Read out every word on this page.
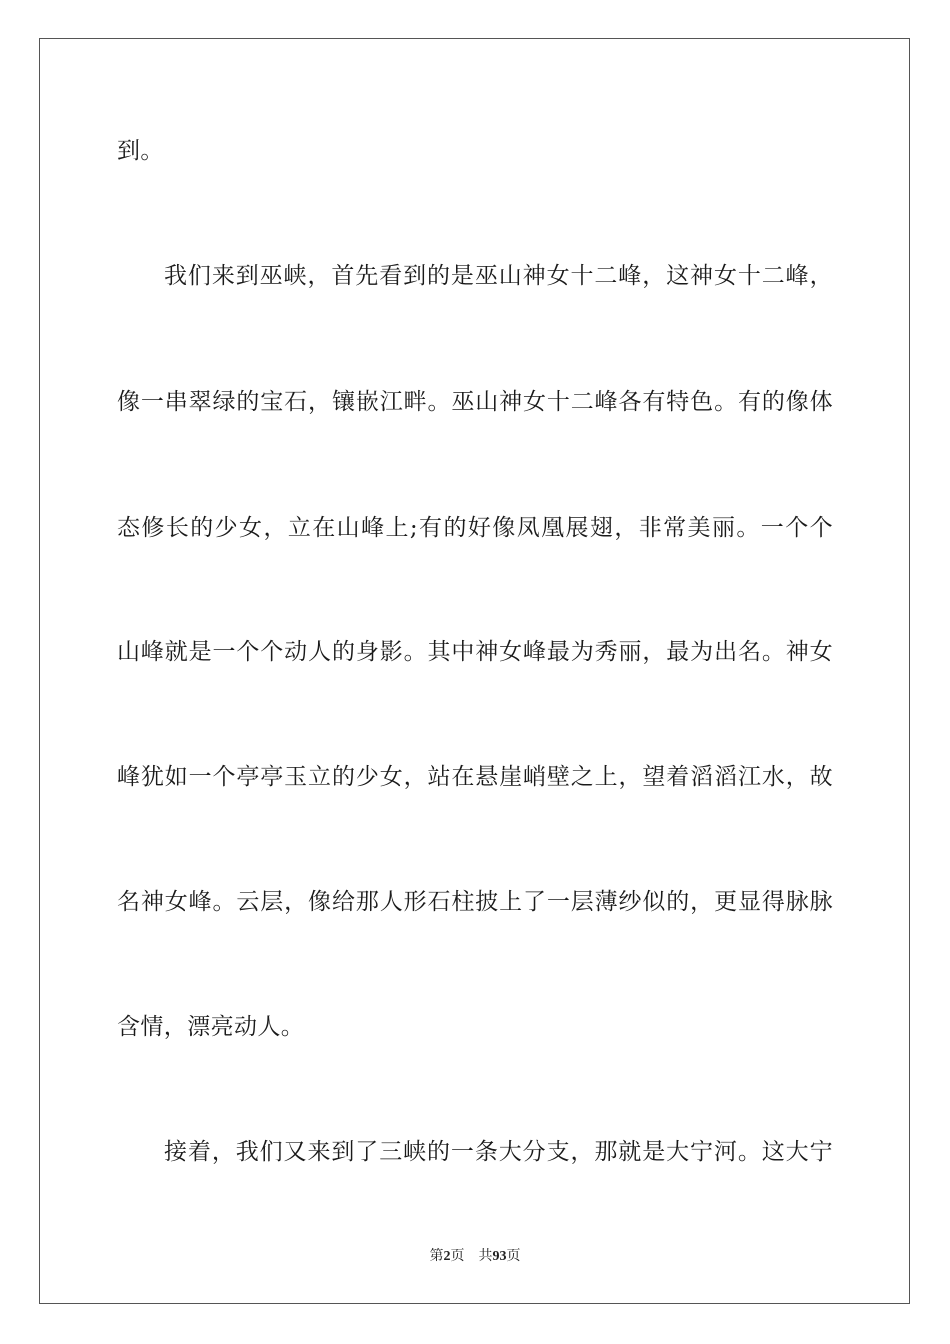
到。
我们来到巫峡，首先看到的是巫山神女十二峰，这神女十二峰，
像一串翠绿的宝石，镶嵌江畔。巫山神女十二峰各有特色。有的像体
态修长的少女，立在山峰上;有的好像凤凰展翅，非常美丽。一个个
山峰就是一个个动人的身影。其中神女峰最为秀丽，最为出名。神女
峰犹如一个亭亭玉立的少女，站在悬崖峭壁之上，望着滔滔江水，故
名神女峰。云层，像给那人形石柱披上了一层薄纱似的，更显得脉脉
含情，漂亮动人。
接着，我们又来到了三峡的一条大分支，那就是大宁河。这大宁
第2页 共93页
